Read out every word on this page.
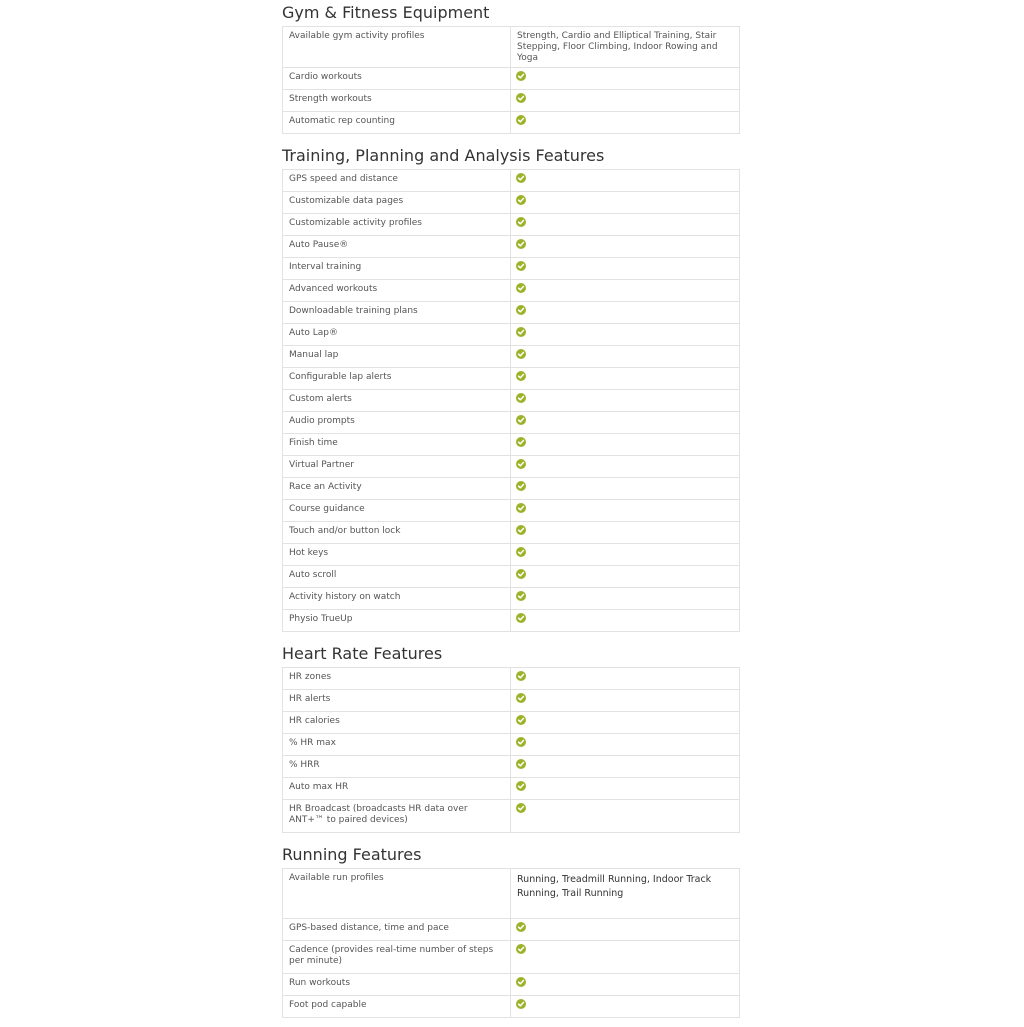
Gym & Fitness Equipment
Available gym activity profiles	Strength, Cardio and Elliptical Training, Stair Stepping, Floor Climbing, Indoor Rowing and Yoga
Cardio workouts	

Strength workouts	

Automatic rep counting	
Training, Planning and Analysis Features
GPS speed and distance	

Customizable data pages	

Customizable activity profiles	

Auto Pause®	

Interval training	

Advanced workouts	

Downloadable training plans	

Auto Lap®	

Manual lap	

Configurable lap alerts	

Custom alerts	

Audio prompts	

Finish time	

Virtual Partner	

Race an Activity	

Course guidance	

Touch and/or button lock	

Hot keys	

Auto scroll	

Activity history on watch	

Physio TrueUp	
Heart Rate Features
HR zones	

HR alerts	

HR calories	

% HR max	

% HRR	

Auto max HR	

HR Broadcast (broadcasts HR data over ANT+™ to paired devices)	
Running Features
Available run profiles	Running, Treadmill Running, Indoor Track Running, Trail Running
GPS-based distance, time and pace	

Cadence (provides real-time number of steps per minute)	

Run workouts	

Foot pod capable	
